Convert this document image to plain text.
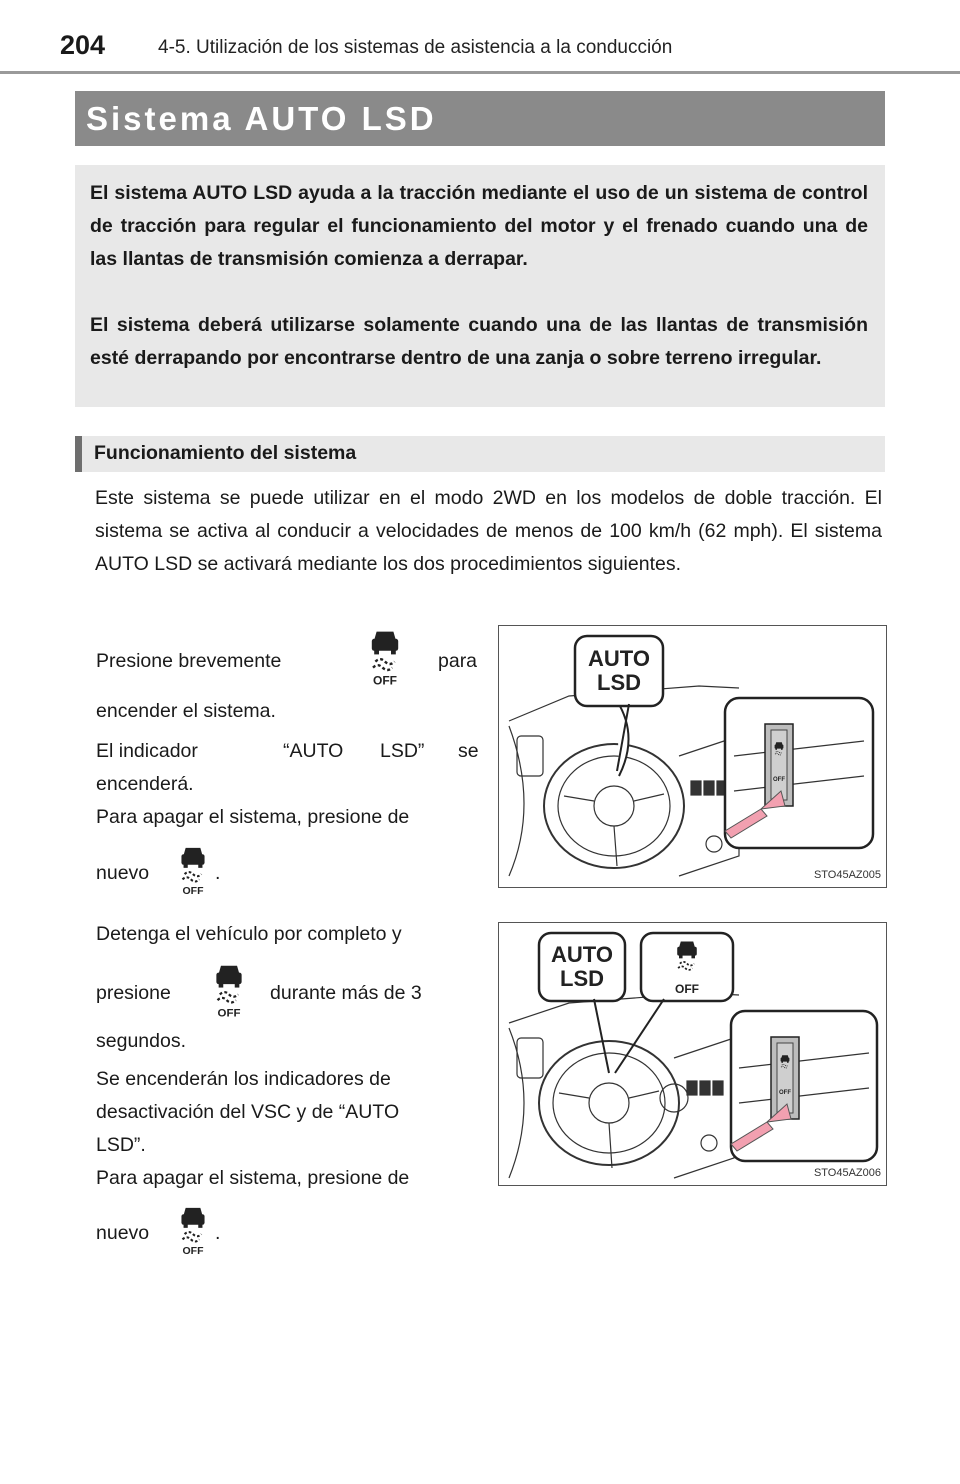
204	4-5. Utilización de los sistemas de asistencia a la conducción
Sistema AUTO LSD

El sistema AUTO LSD ayuda a la tracción mediante el uso de un sistema de control de tracción para regular el funcionamiento del motor y el frenado cuando una de las llantas de transmisión comienza a derrapar.

El sistema deberá utilizarse solamente cuando una de las llantas de transmisión esté derrapando por encontrarse dentro de una zanja o sobre terreno irregular.

Funcionamiento del sistema

Este sistema se puede utilizar en el modo 2WD en los modelos de doble tracción. El sistema se activa al conducir a velocidades de menos de 100 km/h (62 mph). El sistema AUTO LSD se activará mediante los dos procedimientos siguientes.

Presione brevemente
OFF
para
encender el sistema.
El indicador	“AUTO LSD” se
encenderá.
Para apagar el sistema, presione de
nuevo
OFF
.
AUTO
LSD
OFF
STO45AZ005
Detenga el vehículo por completo y
presione
OFF
durante más de 3
segundos.
Se encenderán los indicadores de
desactivación del VSC y de “AUTO
LSD”.
Para apagar el sistema, presione de
nuevo
OFF
.
AUTO
LSD	OFF
OFF
STO45AZ006
